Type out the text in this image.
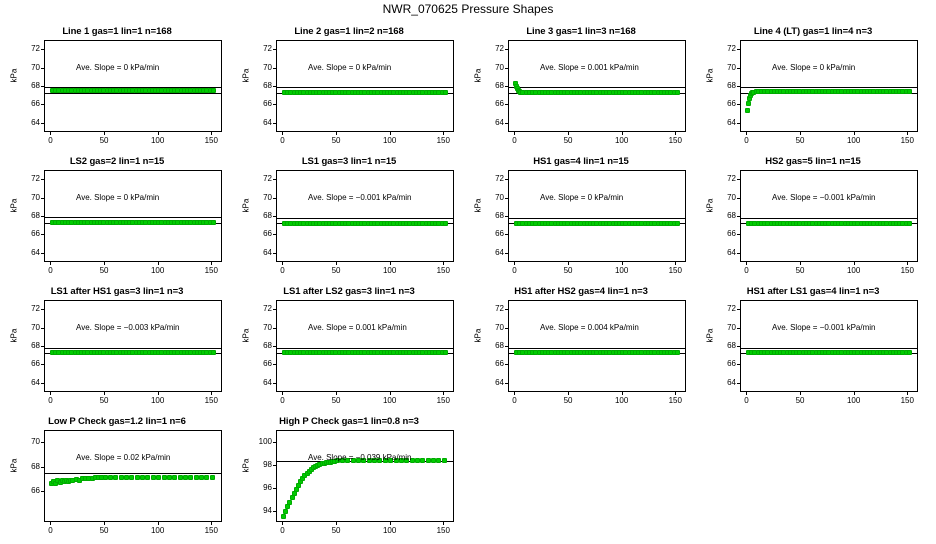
NWR_070625 Pressure Shapes
Line 1 gas=1 lin=1 n=168
kPa
Ave. Slope = 0 kPa/min
64
66
68
70
72
0	50	100	150
Line 2 gas=1 lin=2 n=168
kPa
Ave. Slope = 0 kPa/min
64
66
68
70
72
0	50	100	150
Line 3 gas=1 lin=3 n=168
kPa
Ave. Slope = 0.001 kPa/min
64
66
68
70
72
0	50	100	150
Line 4 (LT) gas=1 lin=4 n=3
kPa
Ave. Slope = 0 kPa/min
64
66
68
70
72
0	50	100	150
LS2 gas=2 lin=1 n=15
kPa
Ave. Slope = 0 kPa/min
64
66
68
70
72
0	50	100	150
LS1 gas=3 lin=1 n=15
kPa
Ave. Slope = −0.001 kPa/min
64
66
68
70
72
0	50	100	150
HS1 gas=4 lin=1 n=15
kPa
Ave. Slope = 0 kPa/min
64
66
68
70
72
0	50	100	150
HS2 gas=5 lin=1 n=15
kPa
Ave. Slope = −0.001 kPa/min
64
66
68
70
72
0	50	100	150
LS1 after HS1 gas=3 lin=1 n=3
kPa
Ave. Slope = −0.003 kPa/min
64
66
68
70
72
0	50	100	150
LS1 after LS2 gas=3 lin=1 n=3
kPa
Ave. Slope = 0.001 kPa/min
64
66
68
70
72
0	50	100	150
HS1 after HS2 gas=4 lin=1 n=3
kPa
Ave. Slope = 0.004 kPa/min
64
66
68
70
72
0	50	100	150
HS1 after LS1 gas=4 lin=1 n=3
kPa
Ave. Slope = −0.001 kPa/min
64
66
68
70
72
0	50	100	150
Low P Check gas=1.2 lin=1 n=6
kPa
Ave. Slope = 0.02 kPa/min
66
68
70
0	50	100	150
High P Check gas=1 lin=0.8 n=3
kPa
Ave. Slope = −0.039 kPa/min
94
96
98
100
0	50	100	150
